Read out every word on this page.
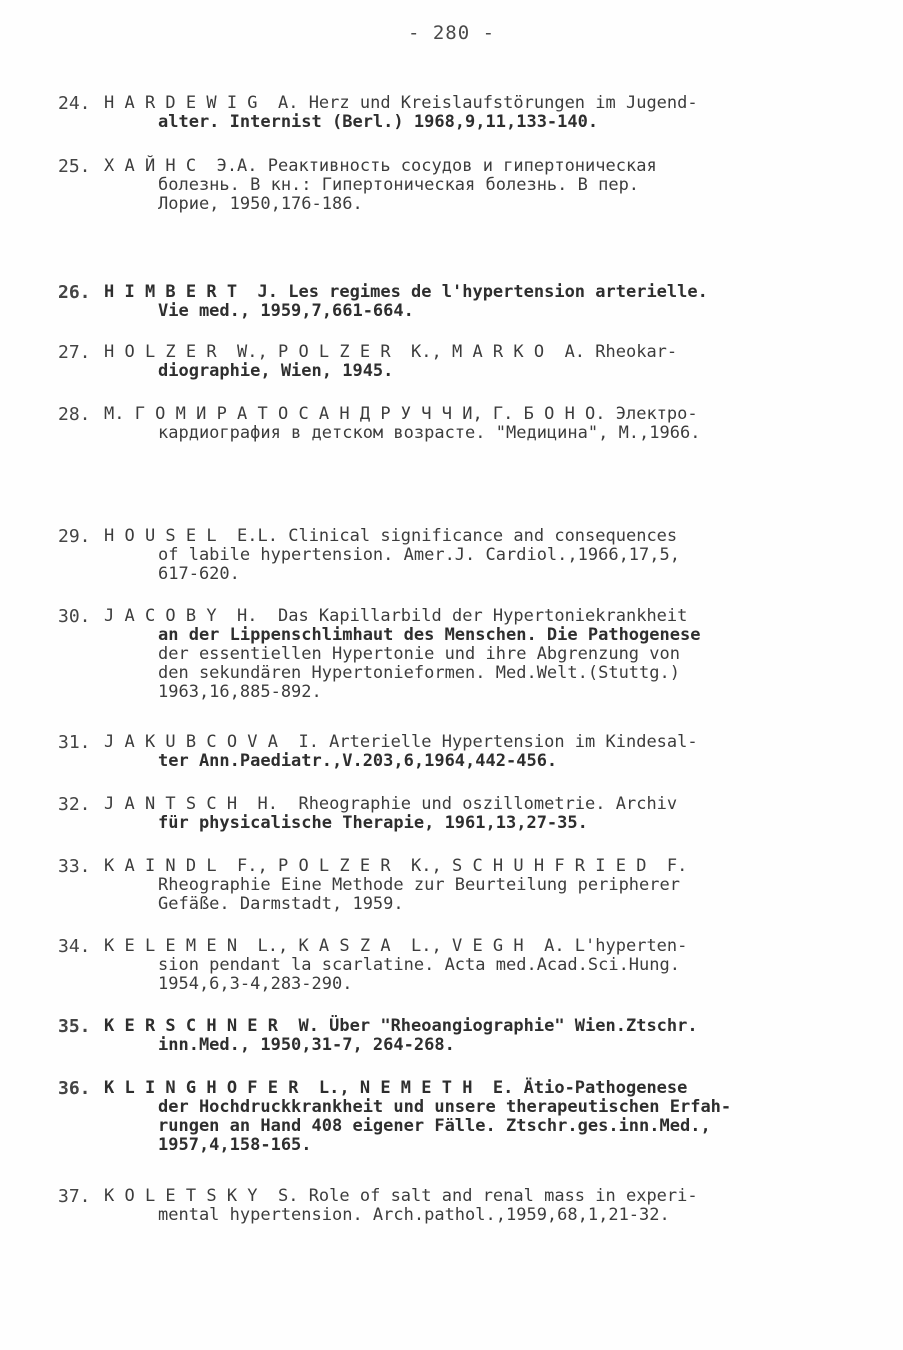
- 280 -
24. H A R D E W I G  A. Herz und Kreislaufstörungen im Jugend-
alter. Internist (Berl.) 1968,9,11,133-140.
25. Х А Й Н С  Э.А. Реактивность сосудов и гипертоническая
болезнь. В кн.: Гипертоническая болезнь. В пер.
Лорие, 1950,176-186.
26. H I M B E R T  J. Les regimes de l'hypertension arterielle.
Vie med., 1959,7,661-664.
27. H O L Z E R  W., P O L Z E R  K., M A R K O  A. Rheokar-
diographie, Wien, 1945.
28. М. Г О М И Р А Т О С А Н Д Р У Ч Ч И, Г. Б О Н О. Электро-
кардиография в детском возрасте. "Медицина", М.,1966.
29. H O U S E L  E.L. Clinical significance and consequences
of labile hypertension. Amer.J. Cardiol.,1966,17,5,
617-620.
30. J A C O B Y  H.  Das Kapillarbild der Hypertoniekrankheit
an der Lippenschlimhaut des Menschen. Die Pathogenese
der essentiellen Hypertonie und ihre Abgrenzung von
den sekundären Hypertonieformen. Med.Welt.(Stuttg.)
1963,16,885-892.
31. J A K U B C O V A  I. Arterielle Hypertension im Kindesal-
ter Ann.Paediatr.,V.203,6,1964,442-456.
32. J A N T S C H  H.  Rheographie und oszillometrie. Archiv
für physicalische Therapie, 1961,13,27-35.
33. K A I N D L  F., P O L Z E R  K., S C H U H F R I E D  F.
Rheographie Eine Methode zur Beurteilung peripherer
Gefäße. Darmstadt, 1959.
34. K E L E M E N  L., K A S Z A  L., V E G H  A. L'hyperten-
sion pendant la scarlatine. Acta med.Acad.Sci.Hung.
1954,6,3-4,283-290.
35. K E R S C H N E R  W. Über "Rheoangiographie" Wien.Ztschr.
inn.Med., 1950,31-7, 264-268.
36. K L I N G H O F E R  L., N E M E T H  E. Ätio-Pathogenese
der Hochdruckkrankheit und unsere therapeutischen Erfah-
rungen an Hand 408 eigener Fälle. Ztschr.ges.inn.Med.,
1957,4,158-165.
37. K O L E T S K Y  S. Role of salt and renal mass in experi-
mental hypertension. Arch.pathol.,1959,68,1,21-32.
